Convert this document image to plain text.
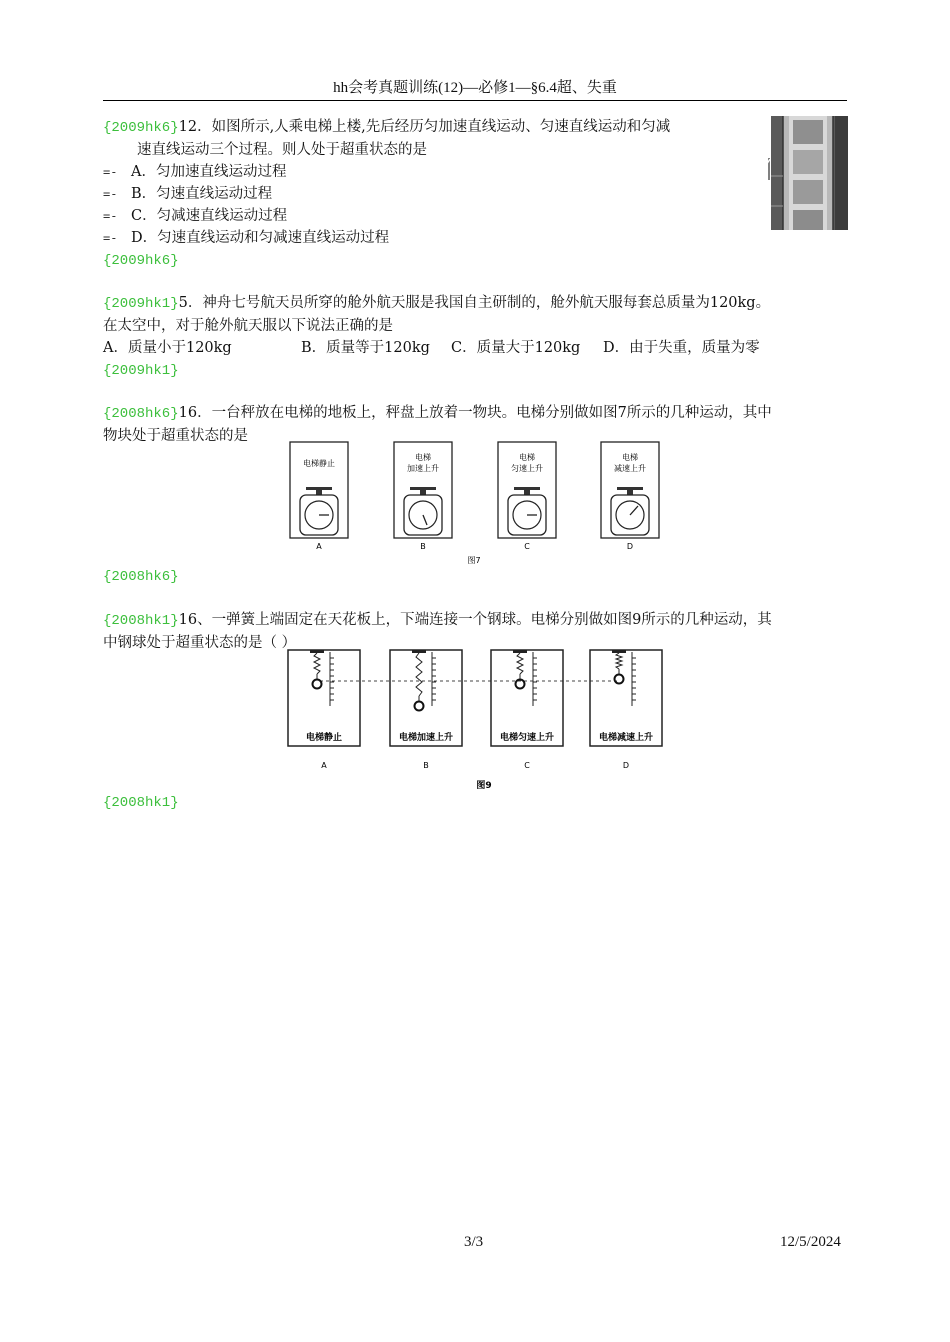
hh会考真题训练(12)—必修1—§6.4超、失重
{2009hk6}12．如图所示,人乘电梯上楼,先后经历匀加速直线运动、匀速直线运动和匀减
速直线运动三个过程。则人处于超重状态的是
=- A．匀加速直线运动过程
=- B．匀速直线运动过程
=- C．匀减速直线运动过程
=- D．匀速直线运动和匀减速直线运动过程
{2009hk6}
v
{2009hk1}5．神舟七号航天员所穿的舱外航天服是我国自主研制的，舱外航天服每套总质量为120kg。
在太空中，对于舱外航天服以下说法正确的是
A．质量小于120kg	B．质量等于120kg C．质量大于120kg D．由于失重，质量为零
{2009hk1}
{2008hk6}16．一台秤放在电梯的地板上，秤盘上放着一物块。电梯分别做如图7所示的几种运动，其中
物块处于超重状态的是
电梯静止
A
电梯
加速上升
B
电梯
匀速上升
C
电梯
减速上升
D
图7
{2008hk6}
{2008hk1}16、一弹簧上端固定在天花板上，下端连接一个钢球。电梯分别做如图9所示的几种运动，其
中钢球处于超重状态的是（ ）
电梯静止
A
电梯加速上升
B
电梯匀速上升
C
电梯减速上升
D
图9
{2008hk1}
3/3	12/5/2024
